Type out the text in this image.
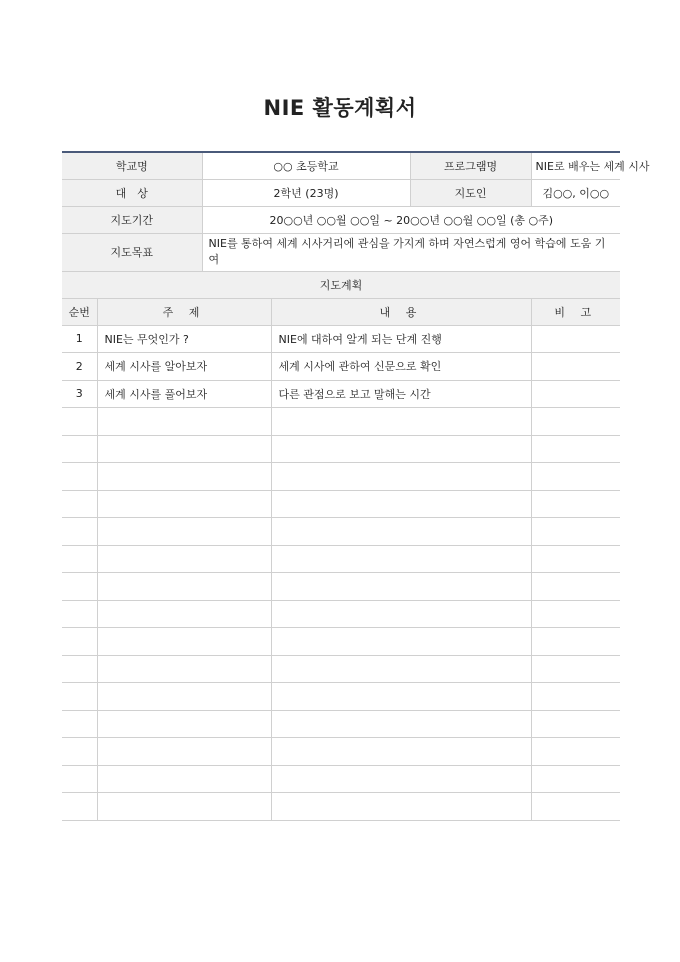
NIE 활동계획서
학교명		○○ 초등학교		프로그램명	NIE로 배우는 세계 시사
대　상		2학년 (23명)		지도인	김○○, 이○○
지도기간		20○○년 ○○월 ○○일 ~ 20○○년 ○○월 ○○일 (총 ○주)			
지도목표		NIE를 통하여 세계 시사거리에 관심을 가지게 하며 자연스럽게 영어 학습에 도움 기여			
지도계획					
순번	주 제		내 용		비 고
1	NIE는 무엇인가 ?		NIE에 대하여 알게 되는 단계 진행		
2	세계 시사를 알아보자		세계 시사에 관하여 신문으로 확인		
3	세계 시사를 풀어보자		다른 관점으로 보고 말해는 시간		
